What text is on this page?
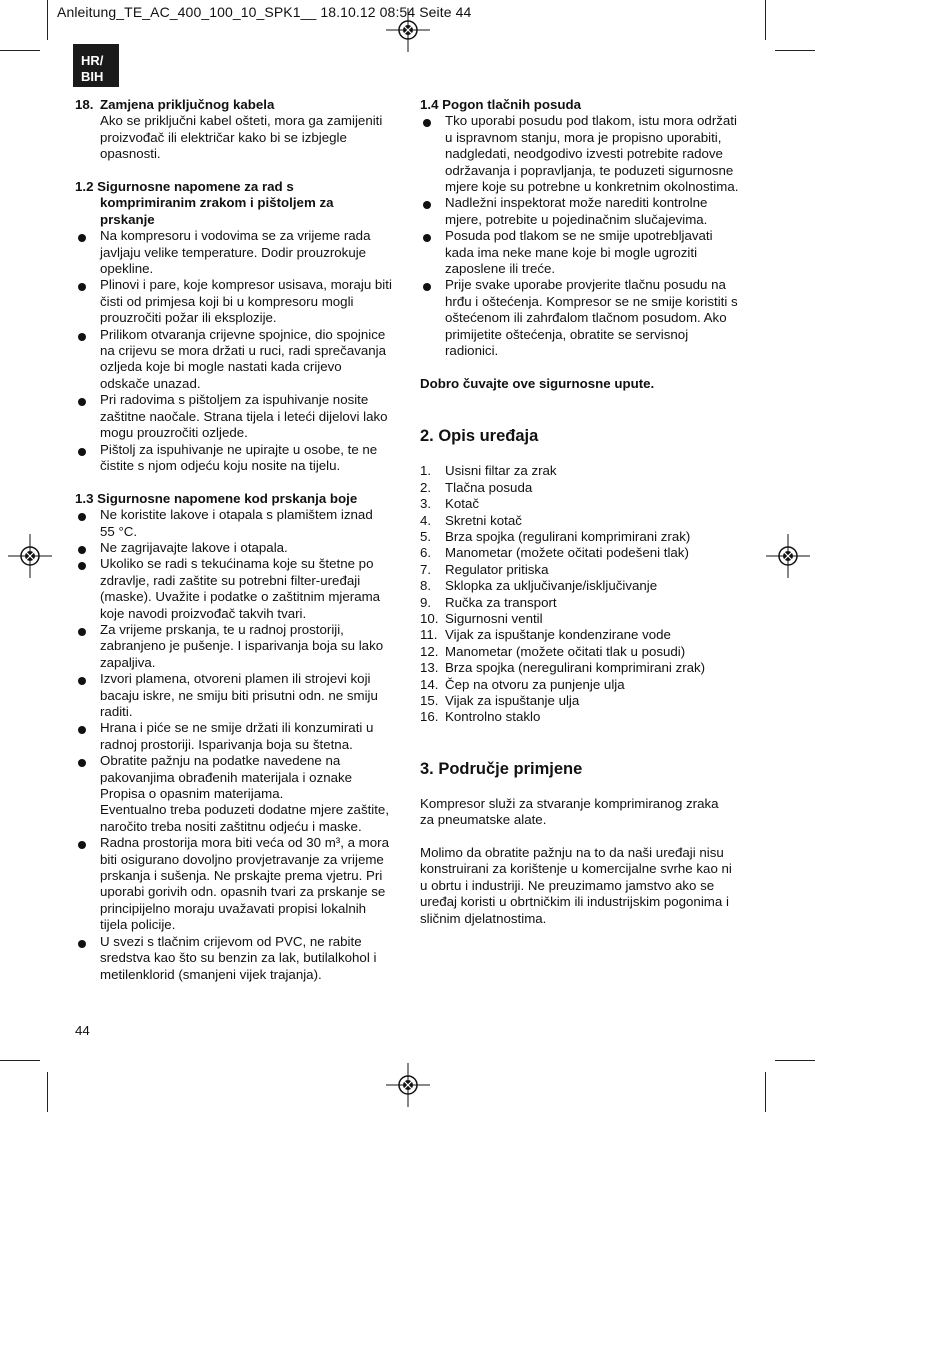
Anleitung_TE_AC_400_100_10_SPK1__ 18.10.12 08:54 Seite 44
HR/
BIH
18. Zamjena priključnog kabela

Ako se priključni kabel ošteti, mora ga zamijeniti

proizvođač ili električar kako bi se izbjegle

opasnosti.

1.2 Sigurnosne napomene za rad s

komprimiranim zrakom i pištoljem za

prskanje

Na kompresoru i vodovima se za vrijeme rada

javljaju velike temperature. Dodir prouzrokuje

opekline.

Plinovi i pare, koje kompresor usisava, moraju biti

čisti od primjesa koji bi u kompresoru mogli

prouzročiti požar ili eksplozije.

Prilikom otvaranja crijevne spojnice, dio spojnice

na crijevu se mora držati u ruci, radi sprečavanja

ozljeda koje bi mogle nastati kada crijevo

odskače unazad.

Pri radovima s pištoljem za ispuhivanje nosite

zaštitne naočale. Strana tijela i leteći dijelovi lako

mogu prouzročiti ozljede.

Pištolj za ispuhivanje ne upirajte u osobe, te ne

čistite s njom odjeću koju nosite na tijelu.

1.3 Sigurnosne napomene kod prskanja boje

Ne koristite lakove i otapala s plamištem iznad

55 °C.

Ne zagrijavajte lakove i otapala.

Ukoliko se radi s tekućinama koje su štetne po

zdravlje, radi zaštite su potrebni filter-uređaji

(maske). Uvažite i podatke o zaštitnim mjerama

koje navodi proizvođač takvih tvari.

Za vrijeme prskanja, te u radnoj prostoriji,

zabranjeno je pušenje. I isparivanja boja su lako

zapaljiva.

Izvori plamena, otvoreni plamen ili strojevi koji

bacaju iskre, ne smiju biti prisutni odn. ne smiju

raditi.

Hrana i piće se ne smije držati ili konzumirati u

radnoj prostoriji. Isparivanja boja su štetna.

Obratite pažnju na podatke navedene na

pakovanjima obrađenih materijala i oznake

Propisa o opasnim materijama.

Eventualno treba poduzeti dodatne mjere zaštite,

naročito treba nositi zaštitnu odjeću i maske.

Radna prostorija mora biti veća od 30 m³, a mora

biti osigurano dovoljno provjetravanje za vrijeme

prskanja i sušenja. Ne prskajte prema vjetru. Pri

uporabi gorivih odn. opasnih tvari za prskanje se

principijelno moraju uvažavati propisi lokalnih

tijela policije.

U svezi s tlačnim crijevom od PVC, ne rabite

sredstva kao što su benzin za lak, butilalkohol i

metilenklorid (smanjeni vijek trajanja).

1.4 Pogon tlačnih posuda

Tko uporabi posudu pod tlakom, istu mora održati

u ispravnom stanju, mora je propisno uporabiti,

nadgledati, neodgodivo izvesti potrebite radove

održavanja i popravljanja, te poduzeti sigurnosne

mjere koje su potrebne u konkretnim okolnostima.

Nadležni inspektorat može narediti kontrolne

mjere, potrebite u pojedinačnim slučajevima.

Posuda pod tlakom se ne smije upotrebljavati

kada ima neke mane koje bi mogle ugroziti

zaposlene ili treće.

Prije svake uporabe provjerite tlačnu posudu na

hrđu i oštećenja. Kompresor se ne smije koristiti s

oštećenom ili zahrđalom tlačnom posudom. Ako

primijetite oštećenja, obratite se servisnoj

radionici.

Dobro čuvajte ove sigurnosne upute.

2. Opis uređaja

1. Usisni filtar za zrak

2. Tlačna posuda

3. Kotač

4. Skretni kotač

5. Brza spojka (regulirani komprimirani zrak)

6. Manometar (možete očitati podešeni tlak)

7. Regulator pritiska

8. Sklopka za uključivanje/isključivanje

9. Ručka za transport

10. Sigurnosni ventil

11. Vijak za ispuštanje kondenzirane vode

12. Manometar (možete očitati tlak u posudi)

13. Brza spojka (neregulirani komprimirani zrak)

14. Čep na otvoru za punjenje ulja

15. Vijak za ispuštanje ulja

16. Kontrolno staklo

3. Područje primjene

Kompresor služi za stvaranje komprimiranog zraka

za pneumatske alate.

Molimo da obratite pažnju na to da naši uređaji nisu

konstruirani za korištenje u komercijalne svrhe kao ni

u obrtu i industriji. Ne preuzimamo jamstvo ako se

uređaj koristi u obrtničkim ili industrijskim pogonima i

sličnim djelatnostima.

44
